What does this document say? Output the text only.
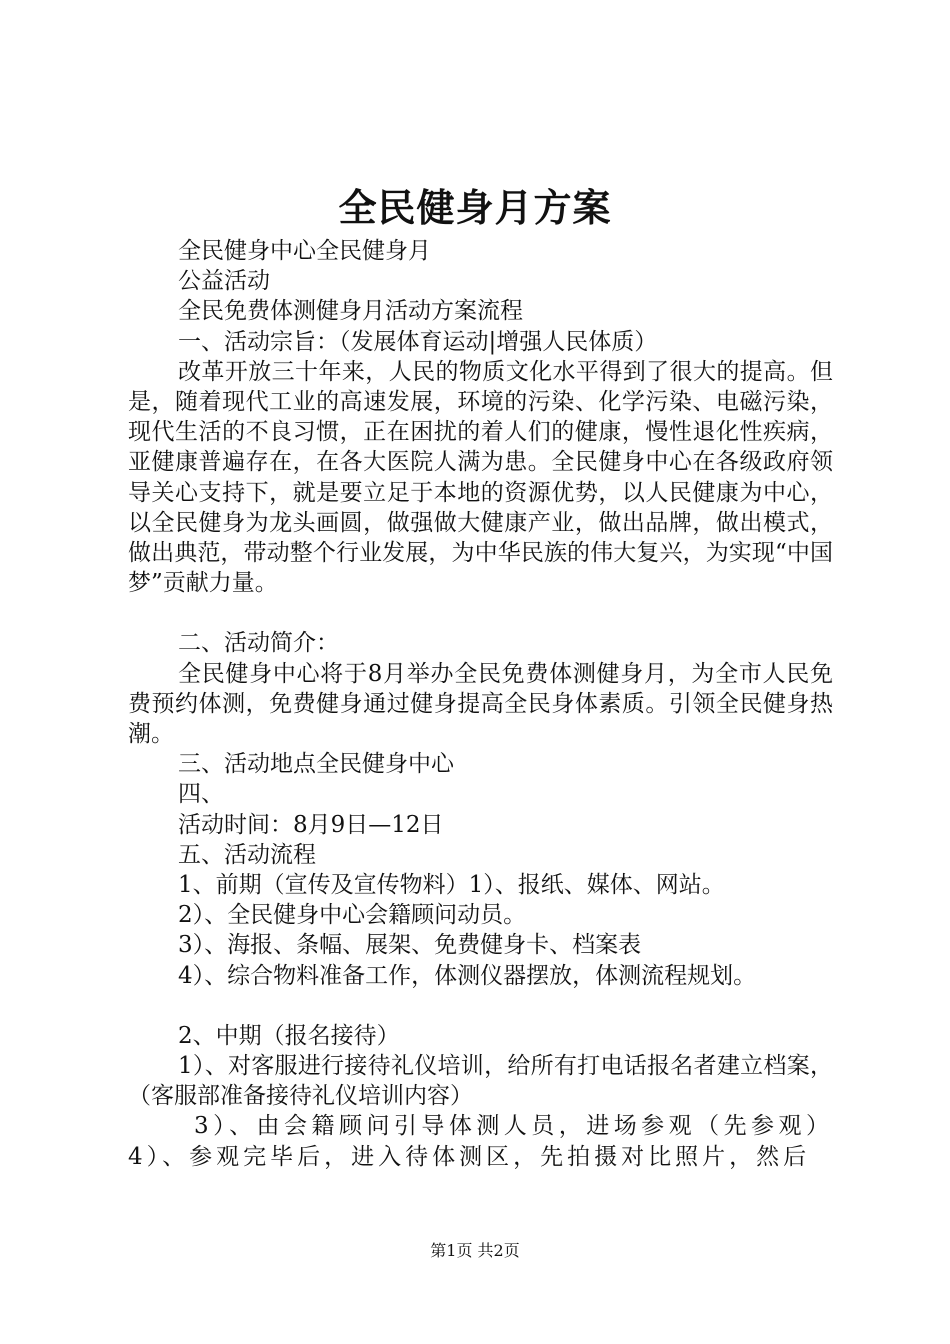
全民健身月方案

全民健身中心全民健身月

公益活动

全民免费体测健身月活动方案流程

一、活动宗旨：（发展体育运动|增强人民体质）

改革开放三十年来，人民的物质文化水平得到了很大的提高。但是，随着现代工业的高速发展，环境的污染、化学污染、电磁污染，现代生活的不良习惯，正在困扰的着人们的健康，慢性退化性疾病，亚健康普遍存在，在各大医院人满为患。全民健身中心在各级政府领导关心支持下，就是要立足于本地的资源优势，以人民健康为中心，以全民健身为龙头画圆，做强做大健康产业，做出品牌，做出模式，做出典范，带动整个行业发展，为中华民族的伟大复兴，为实现“中国梦”贡献力量。

二、活动简介：

全民健身中心将于8月举办全民免费体测健身月，为全市人民免费预约体测，免费健身通过健身提高全民身体素质。引领全民健身热潮。

三、活动地点全民健身中心

四、

活动时间：8月9日—12日

五、活动流程

1、前期（宣传及宣传物料）1）、报纸、媒体、网站。

2）、全民健身中心会籍顾问动员。

3）、海报、条幅、展架、免费健身卡、档案表

4）、综合物料准备工作，体测仪器摆放，体测流程规划。

2、中期（报名接待）

1）、对客服进行接待礼仪培训，给所有打电话报名者建立档案，（客服部准备接待礼仪培训内容）

3）、由会籍顾问引导体测人员，进场参观（先参观）4）、参观完毕后，进入待体测区，先拍摄对比照片，然后

第1页 共2页
